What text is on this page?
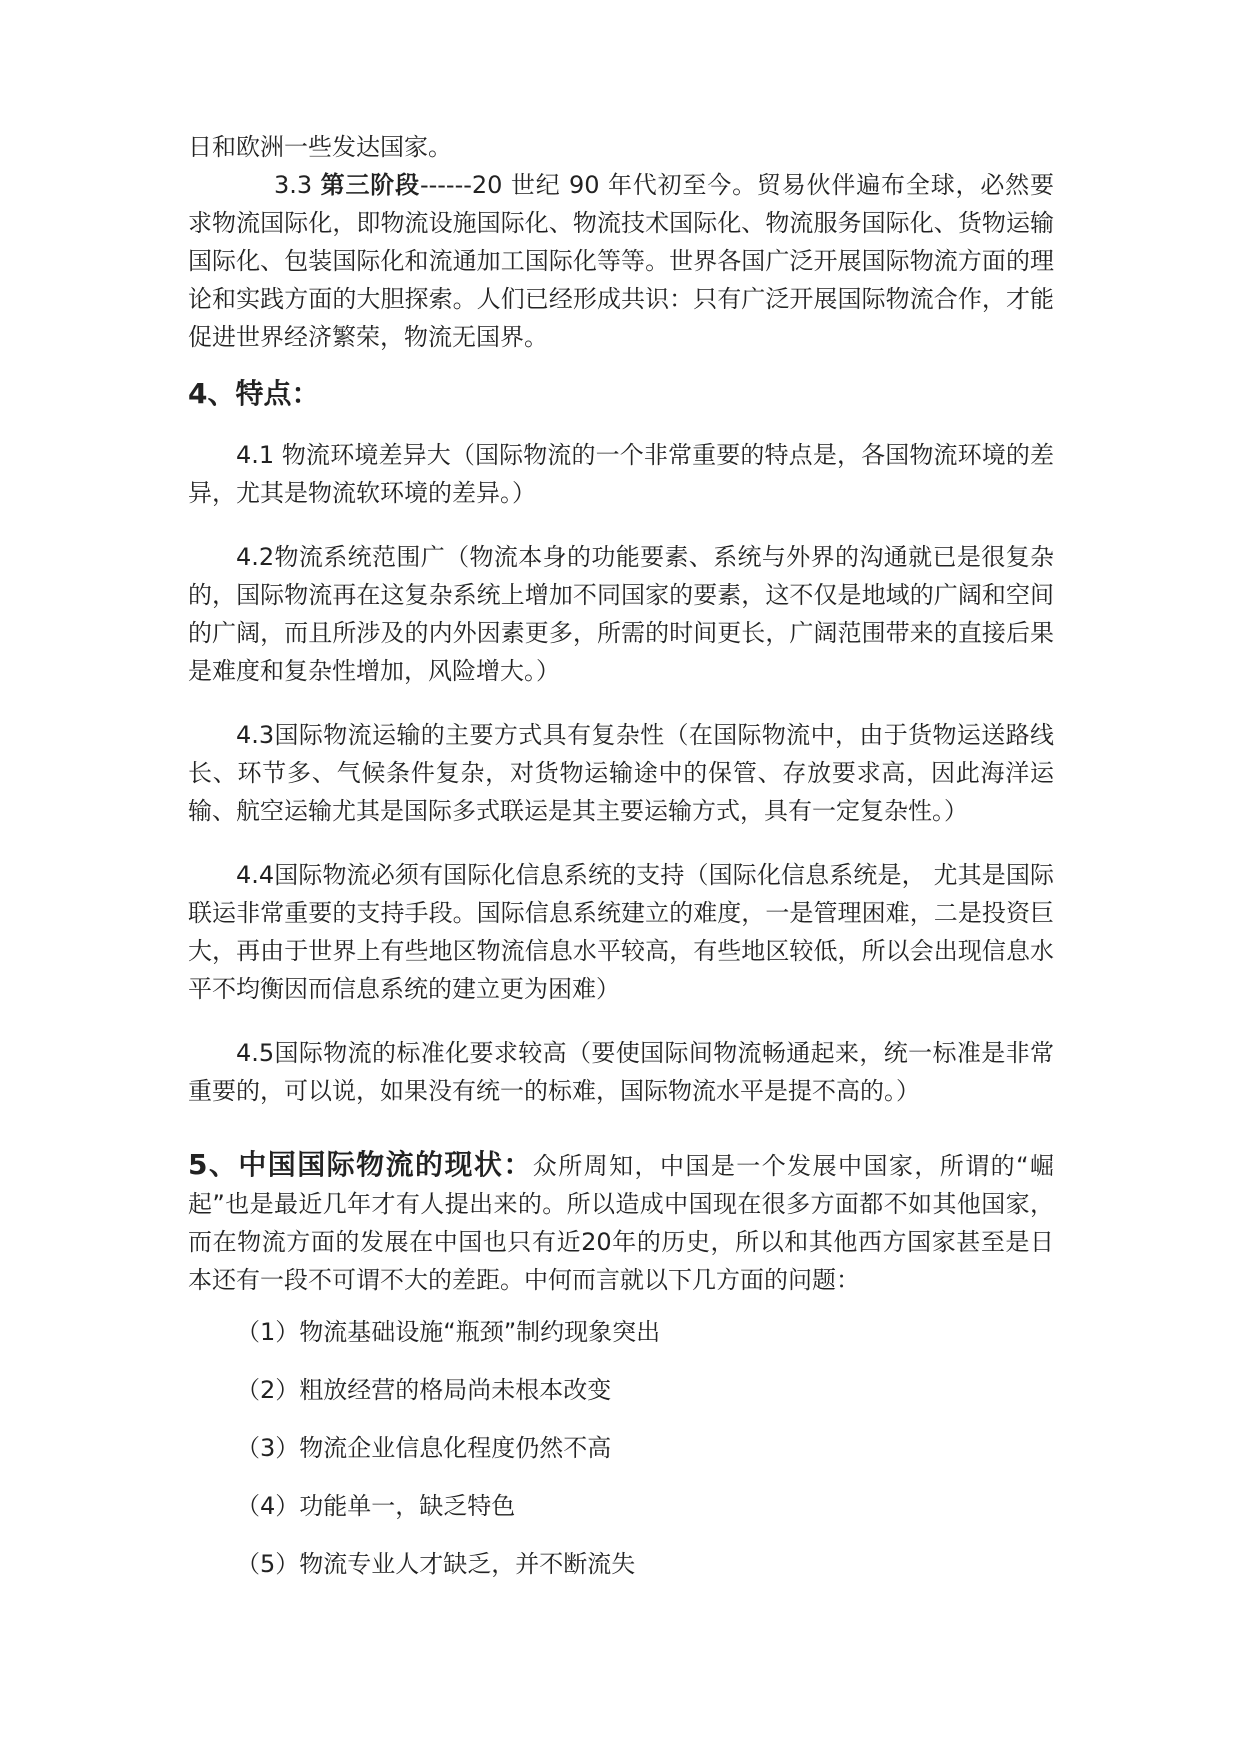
日和欧洲一些发达国家。

3.3 第三阶段------20 世纪 90 年代初至今。贸易伙伴遍布全球，必然要求物流国际化，即物流设施国际化、物流技术国际化、物流服务国际化、货物运输国际化、包装国际化和流通加工国际化等等。世界各国广泛开展国际物流方面的理论和实践方面的大胆探索。人们已经形成共识：只有广泛开展国际物流合作，才能促进世界经济繁荣，物流无国界。

4、特点：

4.1 物流环境差异大（国际物流的一个非常重要的特点是，各国物流环境的差异，尤其是物流软环境的差异。）

4.2物流系统范围广（物流本身的功能要素、系统与外界的沟通就已是很复杂的，国际物流再在这复杂系统上增加不同国家的要素，这不仅是地域的广阔和空间的广阔，而且所涉及的内外因素更多，所需的时间更长，广阔范围带来的直接后果是难度和复杂性增加，风险增大。）

4.3国际物流运输的主要方式具有复杂性（在国际物流中，由于货物运送路线长、环节多、气候条件复杂，对货物运输途中的保管、存放要求高，因此海洋运输、航空运输尤其是国际多式联运是其主要运输方式，具有一定复杂性。）

4.4国际物流必须有国际化信息系统的支持（国际化信息系统是， 尤其是国际联运非常重要的支持手段。国际信息系统建立的难度，一是管理困难，二是投资巨大，再由于世界上有些地区物流信息水平较高，有些地区较低，所以会出现信息水平不均衡因而信息系统的建立更为困难）

4.5国际物流的标准化要求较高（要使国际间物流畅通起来，统一标准是非常重要的，可以说，如果没有统一的标难，国际物流水平是提不高的。）

5、中国国际物流的现状：众所周知，中国是一个发展中国家，所谓的“崛起”也是最近几年才有人提出来的。所以造成中国现在很多方面都不如其他国家，而在物流方面的发展在中国也只有近20年的历史，所以和其他西方国家甚至是日本还有一段不可谓不大的差距。中何而言就以下几方面的问题：

（1）物流基础设施“瓶颈”制约现象突出

（2）粗放经营的格局尚未根本改变

（3）物流企业信息化程度仍然不高

（4）功能单一，缺乏特色

（5）物流专业人才缺乏，并不断流失
